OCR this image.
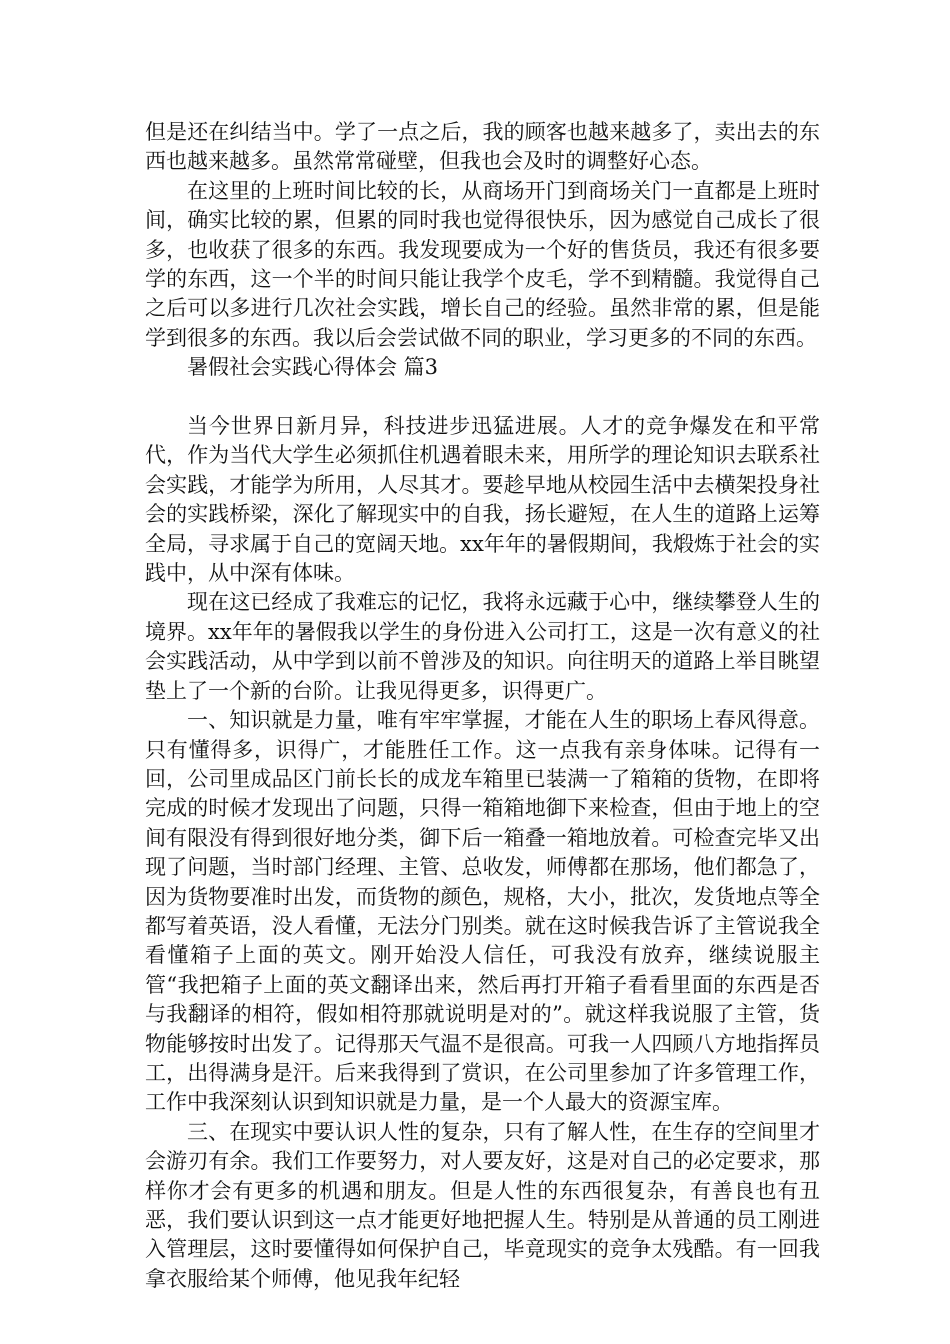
但是还在纠结当中。学了一点之后，我的顾客也越来越多了，卖出去的东西也越来越多。虽然常常碰壁，但我也会及时的调整好心态。

在这里的上班时间比较的长，从商场开门到商场关门一直都是上班时间，确实比较的累，但累的同时我也觉得很快乐，因为感觉自己成长了很多，也收获了很多的东西。我发现要成为一个好的售货员，我还有很多要学的东西，这一个半的时间只能让我学个皮毛，学不到精髓。我觉得自己之后可以多进行几次社会实践，增长自己的经验。虽然非常的累，但是能学到很多的东西。我以后会尝试做不同的职业，学习更多的不同的东西。

暑假社会实践心得体会 篇3

当今世界日新月异，科技进步迅猛进展。人才的竞争爆发在和平常代，作为当代大学生必须抓住机遇着眼未来，用所学的理论知识去联系社会实践，才能学为所用，人尽其才。要趁早地从校园生活中去横架投身社会的实践桥梁，深化了解现实中的自我，扬长避短，在人生的道路上运筹全局，寻求属于自己的宽阔天地。xx年年的暑假期间，我煅炼于社会的实践中，从中深有体味。

现在这已经成了我难忘的记忆，我将永远藏于心中，继续攀登人生的境界。xx年年的暑假我以学生的身份进入公司打工，这是一次有意义的社会实践活动，从中学到以前不曾涉及的知识。向往明天的道路上举目眺望垫上了一个新的台阶。让我见得更多，识得更广。

一、知识就是力量，唯有牢牢掌握，才能在人生的职场上春风得意。只有懂得多，识得广，才能胜任工作。这一点我有亲身体味。记得有一回，公司里成品区门前长长的成龙车箱里已装满一了箱箱的货物，在即将完成的时候才发现出了问题，只得一箱箱地御下来检查，但由于地上的空间有限没有得到很好地分类，御下后一箱叠一箱地放着。可检查完毕又出现了问题，当时部门经理、主管、总收发，师傅都在那场，他们都急了，因为货物要准时出发，而货物的颜色，规格，大小，批次，发货地点等全都写着英语，没人看懂，无法分门别类。就在这时候我告诉了主管说我全看懂箱子上面的英文。刚开始没人信任，可我没有放弃，继续说服主管“我把箱子上面的英文翻译出来，然后再打开箱子看看里面的东西是否与我翻译的相符，假如相符那就说明是对的”。就这样我说服了主管，货物能够按时出发了。记得那天气温不是很高。可我一人四顾八方地指挥员工，出得满身是汗。后来我得到了赏识，在公司里参加了许多管理工作，工作中我深刻认识到知识就是力量，是一个人最大的资源宝库。

三、在现实中要认识人性的复杂，只有了解人性，在生存的空间里才会游刃有余。我们工作要努力，对人要友好，这是对自己的必定要求，那样你才会有更多的机遇和朋友。但是人性的东西很复杂，有善良也有丑恶，我们要认识到这一点才能更好地把握人生。特别是从普通的员工刚进入管理层，这时要懂得如何保护自己，毕竟现实的竞争太残酷。有一回我拿衣服给某个师傅，他见我年纪轻
